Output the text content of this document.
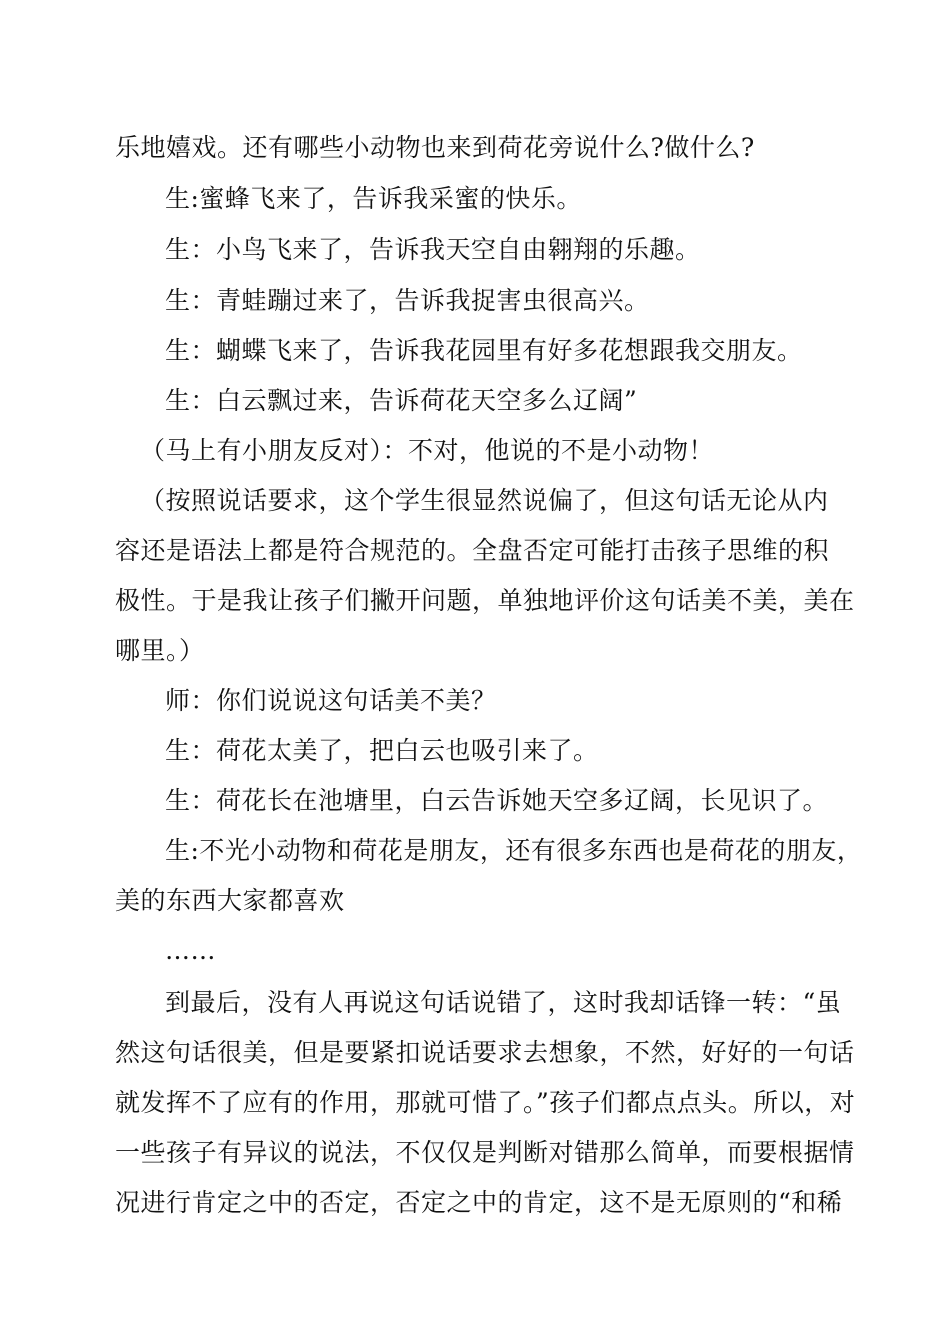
乐地嬉戏。还有哪些小动物也来到荷花旁说什么?做什么?
生:蜜蜂飞来了，告诉我采蜜的快乐。
生：小鸟飞来了，告诉我天空自由翱翔的乐趣。
生：青蛙蹦过来了，告诉我捉害虫很高兴。
生：蝴蝶飞来了，告诉我花园里有好多花想跟我交朋友。
生：白云飘过来，告诉荷花天空多么辽阔”
（马上有小朋友反对）：不对，他说的不是小动物！
（按照说话要求，这个学生很显然说偏了，但这句话无论从内
容还是语法上都是符合规范的。全盘否定可能打击孩子思维的积
极性。于是我让孩子们撇开问题，单独地评价这句话美不美，美在
哪里。）
师：你们说说这句话美不美？
生：荷花太美了，把白云也吸引来了。
生：荷花长在池塘里，白云告诉她天空多辽阔，长见识了。
生:不光小动物和荷花是朋友，还有很多东西也是荷花的朋友，
美的东西大家都喜欢
……
到最后，没有人再说这句话说错了，这时我却话锋一转：“虽
然这句话很美，但是要紧扣说话要求去想象，不然，好好的一句话
就发挥不了应有的作用，那就可惜了。”孩子们都点点头。所以，对
一些孩子有异议的说法，不仅仅是判断对错那么简单，而要根据情
况进行肯定之中的否定，否定之中的肯定，这不是无原则的“和稀
